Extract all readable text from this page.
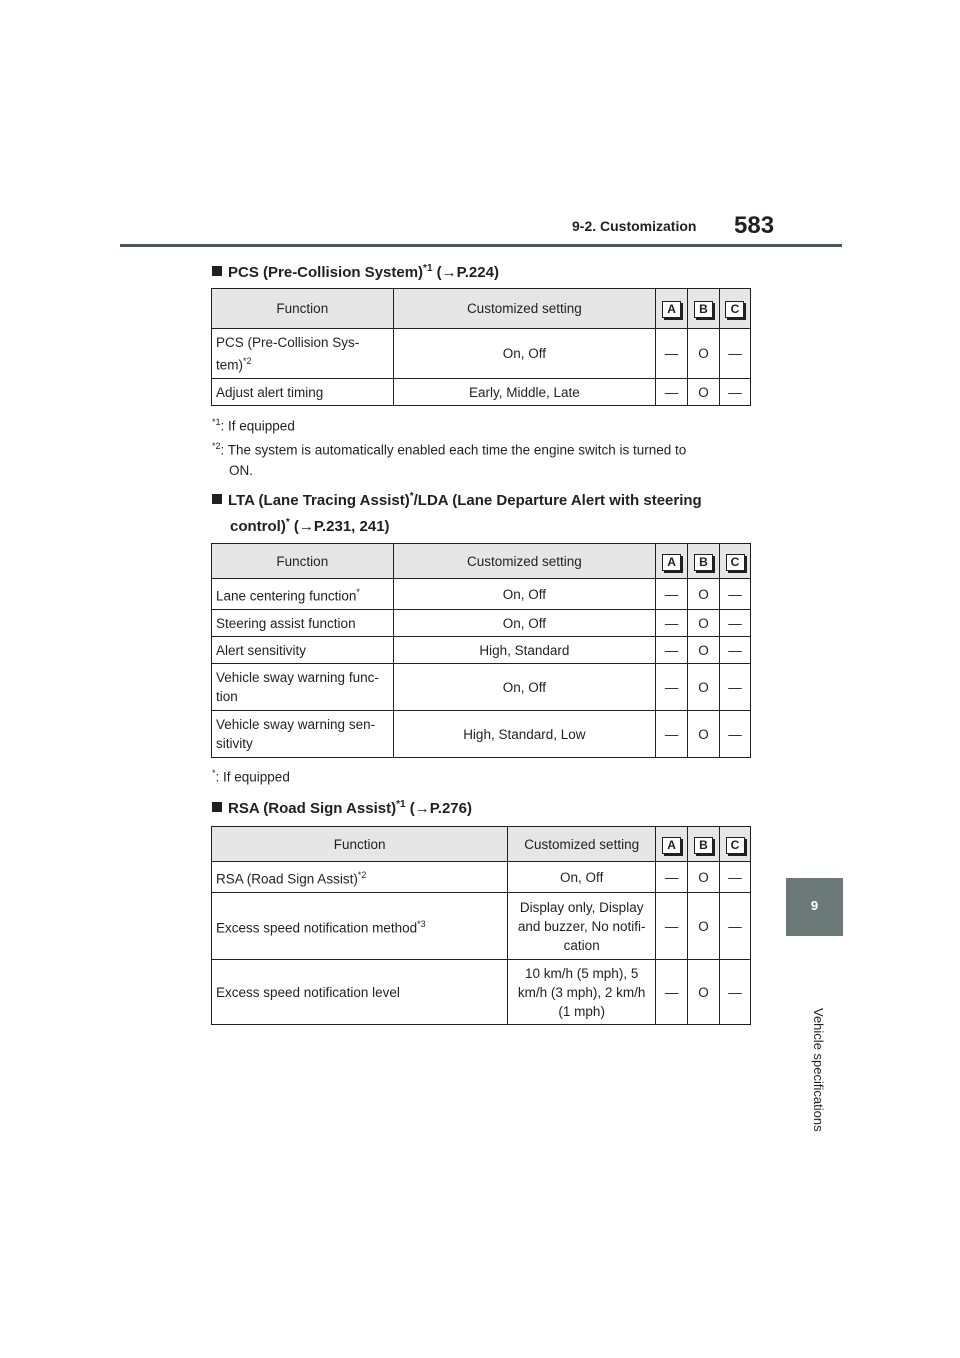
9-2. Customization 583
9
Vehicle specifications
PCS (Pre-Collision System)$^{*1}$ (→P.224)
Function	Customized setting	A	B	C
PCS (Pre-Collision Sys-
tem)$^{*2}$	On, Off	—	O	—
Adjust alert timing	Early, Middle, Late	—	O	—
$^{*1}$: If equipped
$^{*2}$: The system is automatically enabled each time the engine switch is turned to
ON.
LTA (Lane Tracing Assist)*/LDA (Lane Departure Alert with steering
control)* (→P.231, 241)
Function	Customized setting	A	B	C
Lane centering function*	On, Off	—	O	—
Steering assist function	On, Off	—	O	—
Alert sensitivity	High, Standard	—	O	—
Vehicle sway warning func-
tion	On, Off	—	O	—
Vehicle sway warning sen-
sitivity	High, Standard, Low	—	O	—
*: If equipped
RSA (Road Sign Assist)$^{*1}$ (→P.276)
Function	Customized setting	A	B	C
RSA (Road Sign Assist)$^{*2}$	On, Off	—	O	—
Excess speed notification method$^{*3}$	Display only, Display
and buzzer, No notifi-
cation	—	O	—
Excess speed notification level	10 km/h (5 mph), 5
km/h (3 mph), 2 km/h
(1 mph)	—	O	—
